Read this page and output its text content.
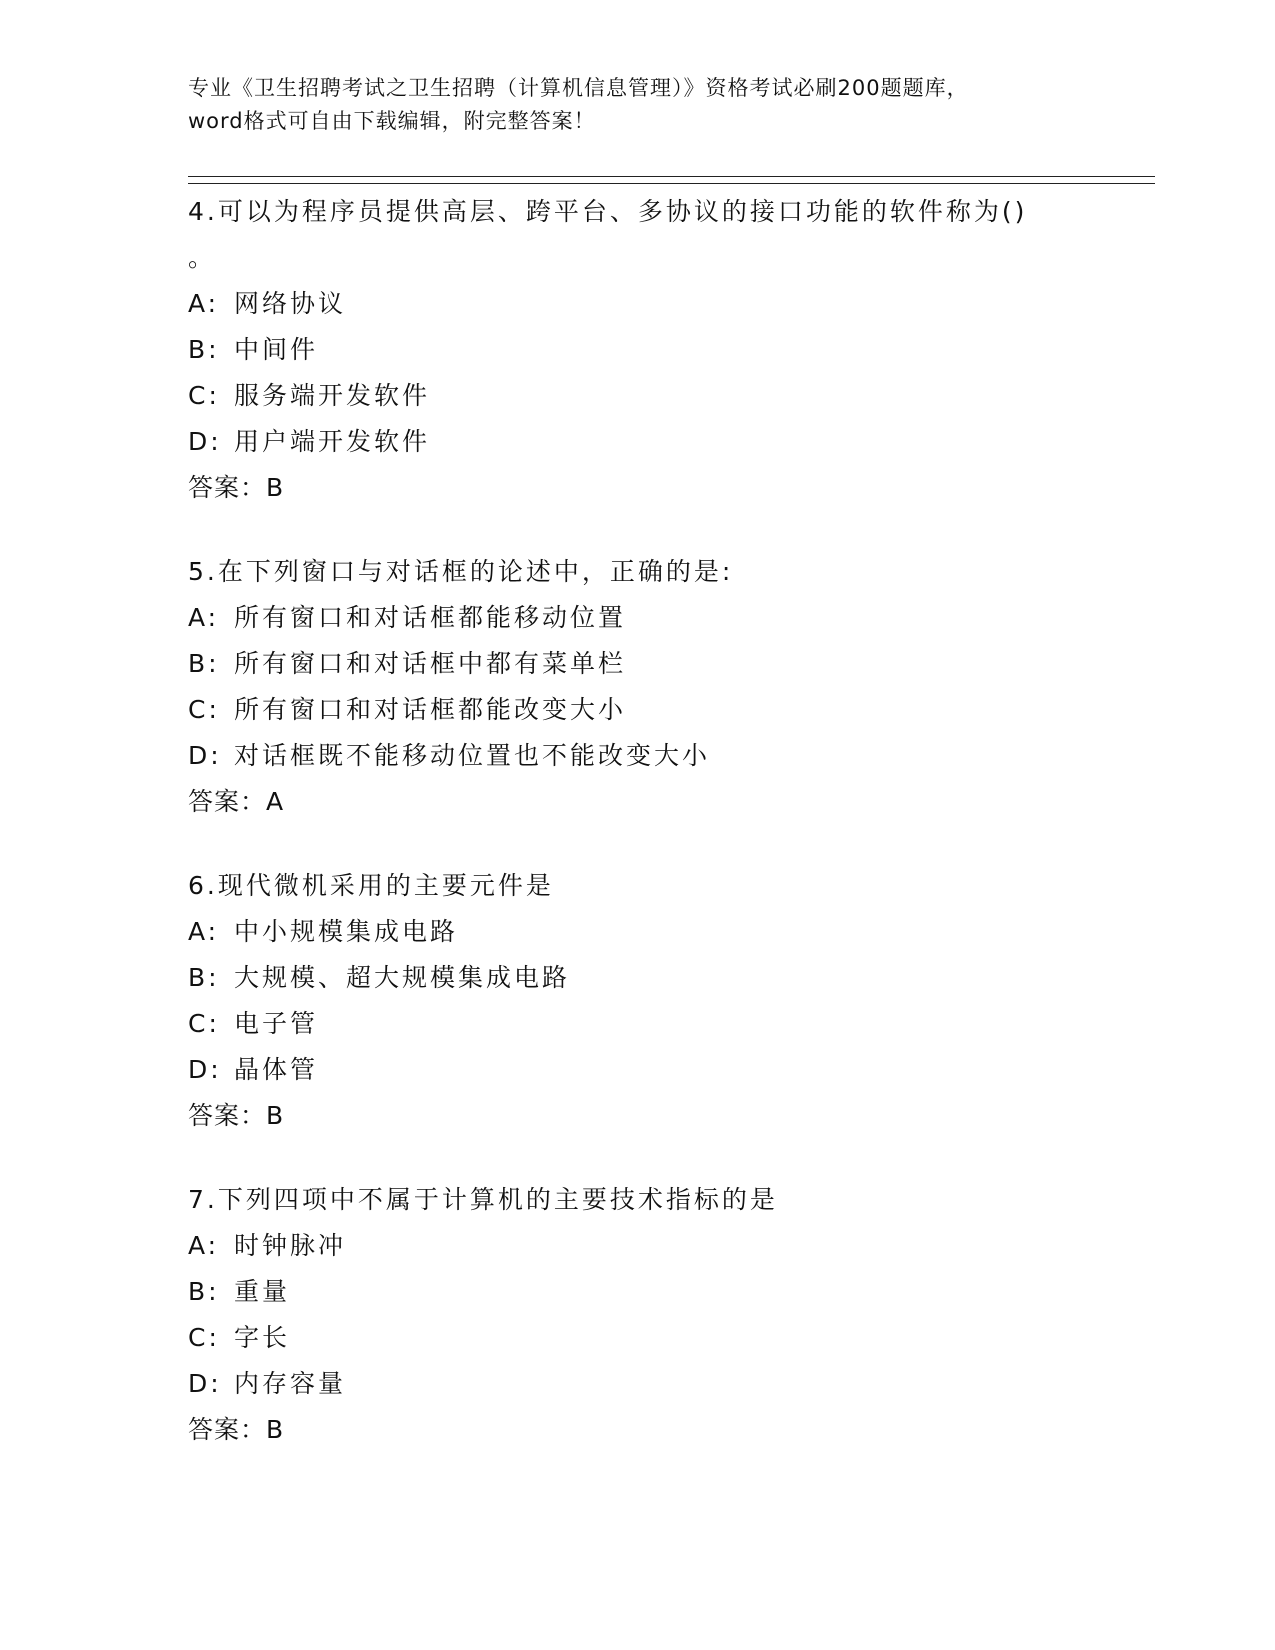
专业《卫生招聘考试之卫生招聘（计算机信息管理）》资格考试必刷200题题库，
word格式可自由下载编辑，附完整答案！
4.可以为程序员提供高层、跨平台、多协议的接口功能的软件称为()
。
A: 网络协议
B: 中间件
C: 服务端开发软件
D: 用户端开发软件
答案：B
5.在下列窗口与对话框的论述中，正确的是:
A: 所有窗口和对话框都能移动位置
B: 所有窗口和对话框中都有菜单栏
C: 所有窗口和对话框都能改变大小
D: 对话框既不能移动位置也不能改变大小
答案：A
6.现代微机采用的主要元件是
A: 中小规模集成电路
B: 大规模、超大规模集成电路
C: 电子管
D: 晶体管
答案：B
7.下列四项中不属于计算机的主要技术指标的是
A: 时钟脉冲
B: 重量
C: 字长
D: 内存容量
答案：B
